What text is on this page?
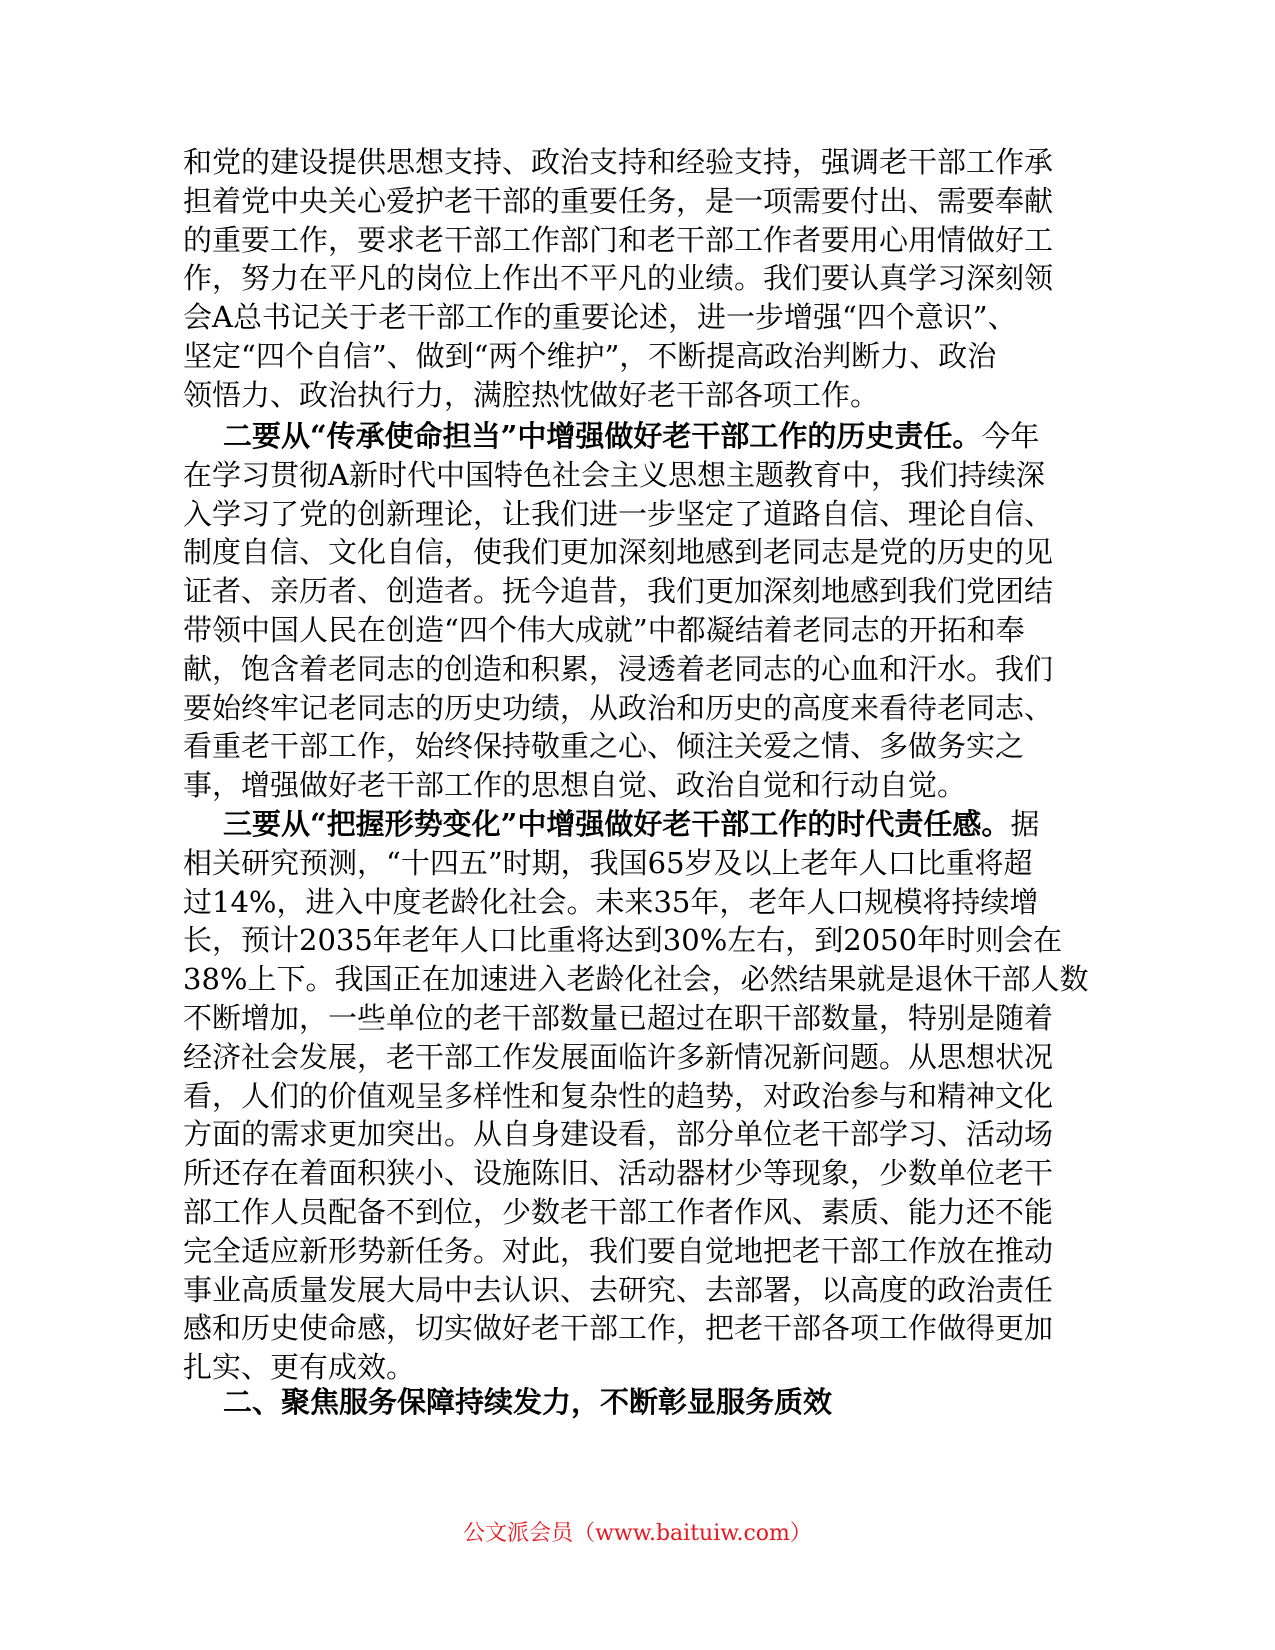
和党的建设提供思想支持、政治支持和经验支持，强调老干部工作承
担着党中央关心爱护老干部的重要任务，是一项需要付出、需要奉献
的重要工作，要求老干部工作部门和老干部工作者要用心用情做好工
作，努力在平凡的岗位上作出不平凡的业绩。我们要认真学习深刻领
会A总书记关于老干部工作的重要论述，进一步增强“四个意识”、
坚定“四个自信”、做到“两个维护”，不断提高政治判断力、政治
领悟力、政治执行力，满腔热忱做好老干部各项工作。
二要从“传承使命担当”中增强做好老干部工作的历史责任。今年
在学习贯彻A新时代中国特色社会主义思想主题教育中，我们持续深
入学习了党的创新理论，让我们进一步坚定了道路自信、理论自信、
制度自信、文化自信，使我们更加深刻地感到老同志是党的历史的见
证者、亲历者、创造者。抚今追昔，我们更加深刻地感到我们党团结
带领中国人民在创造“四个伟大成就”中都凝结着老同志的开拓和奉
献，饱含着老同志的创造和积累，浸透着老同志的心血和汗水。我们
要始终牢记老同志的历史功绩，从政治和历史的高度来看待老同志、
看重老干部工作，始终保持敬重之心、倾注关爱之情、多做务实之
事，增强做好老干部工作的思想自觉、政治自觉和行动自觉。
三要从“把握形势变化”中增强做好老干部工作的时代责任感。据
相关研究预测，“十四五”时期，我国65岁及以上老年人口比重将超
过14%，进入中度老龄化社会。未来35年，老年人口规模将持续增
长，预计2035年老年人口比重将达到30%左右，到2050年时则会在
38%上下。我国正在加速进入老龄化社会，必然结果就是退休干部人数
不断增加，一些单位的老干部数量已超过在职干部数量，特别是随着
经济社会发展，老干部工作发展面临许多新情况新问题。从思想状况
看，人们的价值观呈多样性和复杂性的趋势，对政治参与和精神文化
方面的需求更加突出。从自身建设看，部分单位老干部学习、活动场
所还存在着面积狭小、设施陈旧、活动器材少等现象，少数单位老干
部工作人员配备不到位，少数老干部工作者作风、素质、能力还不能
完全适应新形势新任务。对此，我们要自觉地把老干部工作放在推动
事业高质量发展大局中去认识、去研究、去部署，以高度的政治责任
感和历史使命感，切实做好老干部工作，把老干部各项工作做得更加
扎实、更有成效。
二、聚焦服务保障持续发力，不断彰显服务质效
公文派会员（www.baituiw.com）
